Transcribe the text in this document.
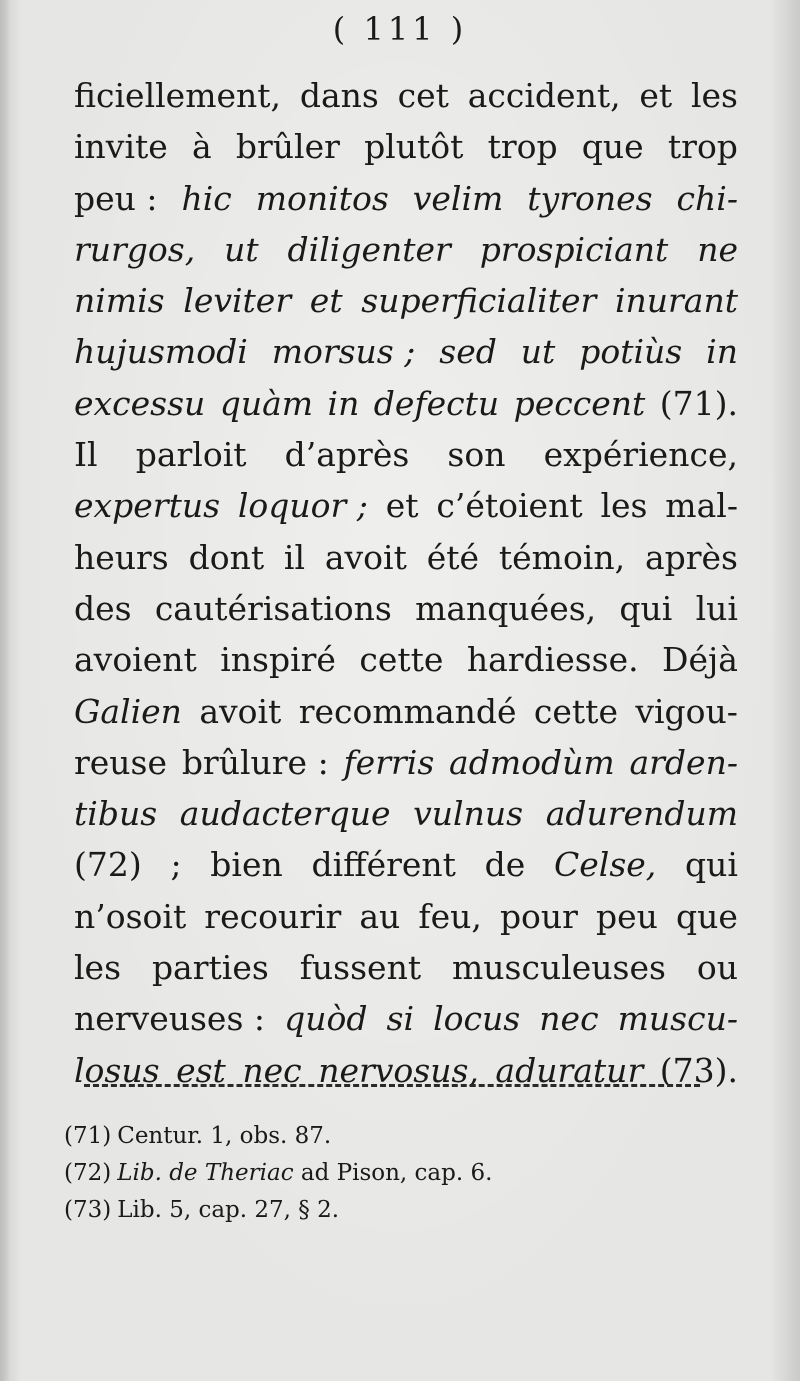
( 111 )
ficiellement, dans cet accident, et les
invite à brûler plutôt trop que trop
peu : hic monitos velim tyrones chi-
rurgos, ut diligenter prospiciant ne
nimis leviter et superficialiter inurant
hujusmodi morsus ; sed ut potiùs in
excessu quàm in defectu peccent (71).
Il parloit d’après son expérience,
expertus loquor ; et c’étoient les mal-
heurs dont il avoit été témoin, après
des cautérisations manquées, qui lui
avoient inspiré cette hardiesse. Déjà
Galien avoit recommandé cette vigou-
reuse brûlure : ferris admodùm arden-
tibus audacterque vulnus adurendum
(72) ; bien différent de Celse, qui
n’osoit recourir au feu, pour peu que
les parties fussent musculeuses ou
nerveuses : quòd si locus nec muscu-
losus est nec nervosus, aduratur (73).
(71) Centur. 1, obs. 87.
(72) Lib. de Theriac ad Pison, cap. 6.
(73) Lib. 5, cap. 27, § 2.
